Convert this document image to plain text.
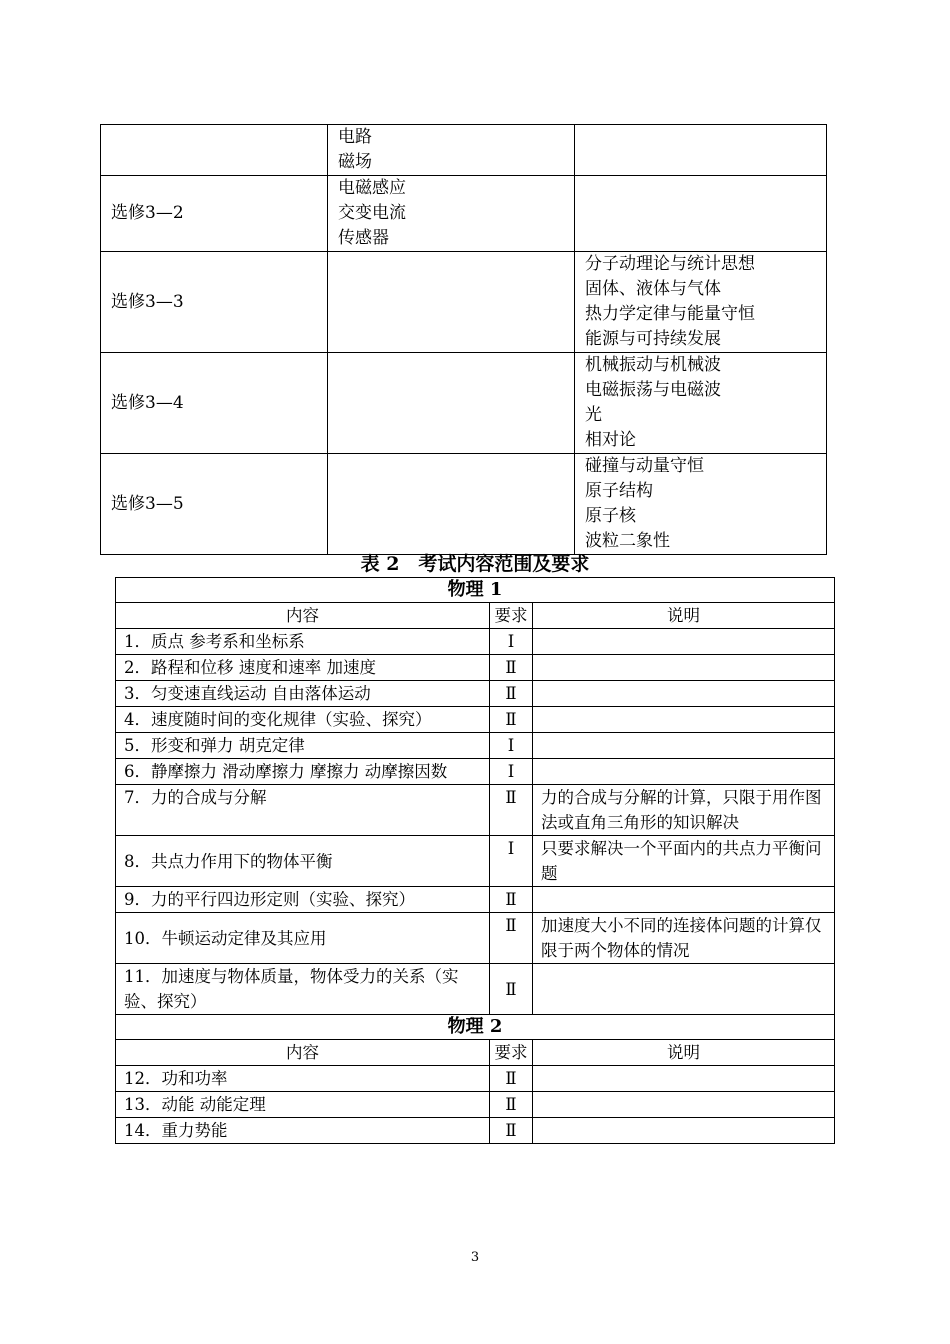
	电路
磁场	

选修3—2	电磁感应
交变电流
传感器	

选修3—3		分子动理论与统计思想
固体、液体与气体
热力学定律与能量守恒
能源与可持续发展

选修3—4		机械振动与机械波
电磁振荡与电磁波
光
相对论

选修3—5		碰撞与动量守恒
原子结构
原子核
波粒二象性
表 2　考试内容范围及要求
物理 1		
内容	要求	说明
1．质点 参考系和坐标系	Ⅰ	
2．路程和位移 速度和速率 加速度	Ⅱ	
3．匀变速直线运动 自由落体运动	Ⅱ	
4．速度随时间的变化规律（实验、探究）	Ⅱ	
5．形变和弹力 胡克定律	Ⅰ	
6．静摩擦力 滑动摩擦力 摩擦力 动摩擦因数	Ⅰ	
7．力的合成与分解	Ⅱ	力的合成与分解的计算，只限于用作图法或直角三角形的知识解决
8．共点力作用下的物体平衡	Ⅰ	只要求解决一个平面内的共点力平衡问题
9．力的平行四边形定则（实验、探究）	Ⅱ	
10．牛顿运动定律及其应用	Ⅱ	加速度大小不同的连接体问题的计算仅限于两个物体的情况
11．加速度与物体质量，物体受力的关系（实验、探究）	Ⅱ	
物理 2		
内容	要求	说明
12．功和功率	Ⅱ	
13．动能 动能定理	Ⅱ	
14．重力势能	Ⅱ	
3
